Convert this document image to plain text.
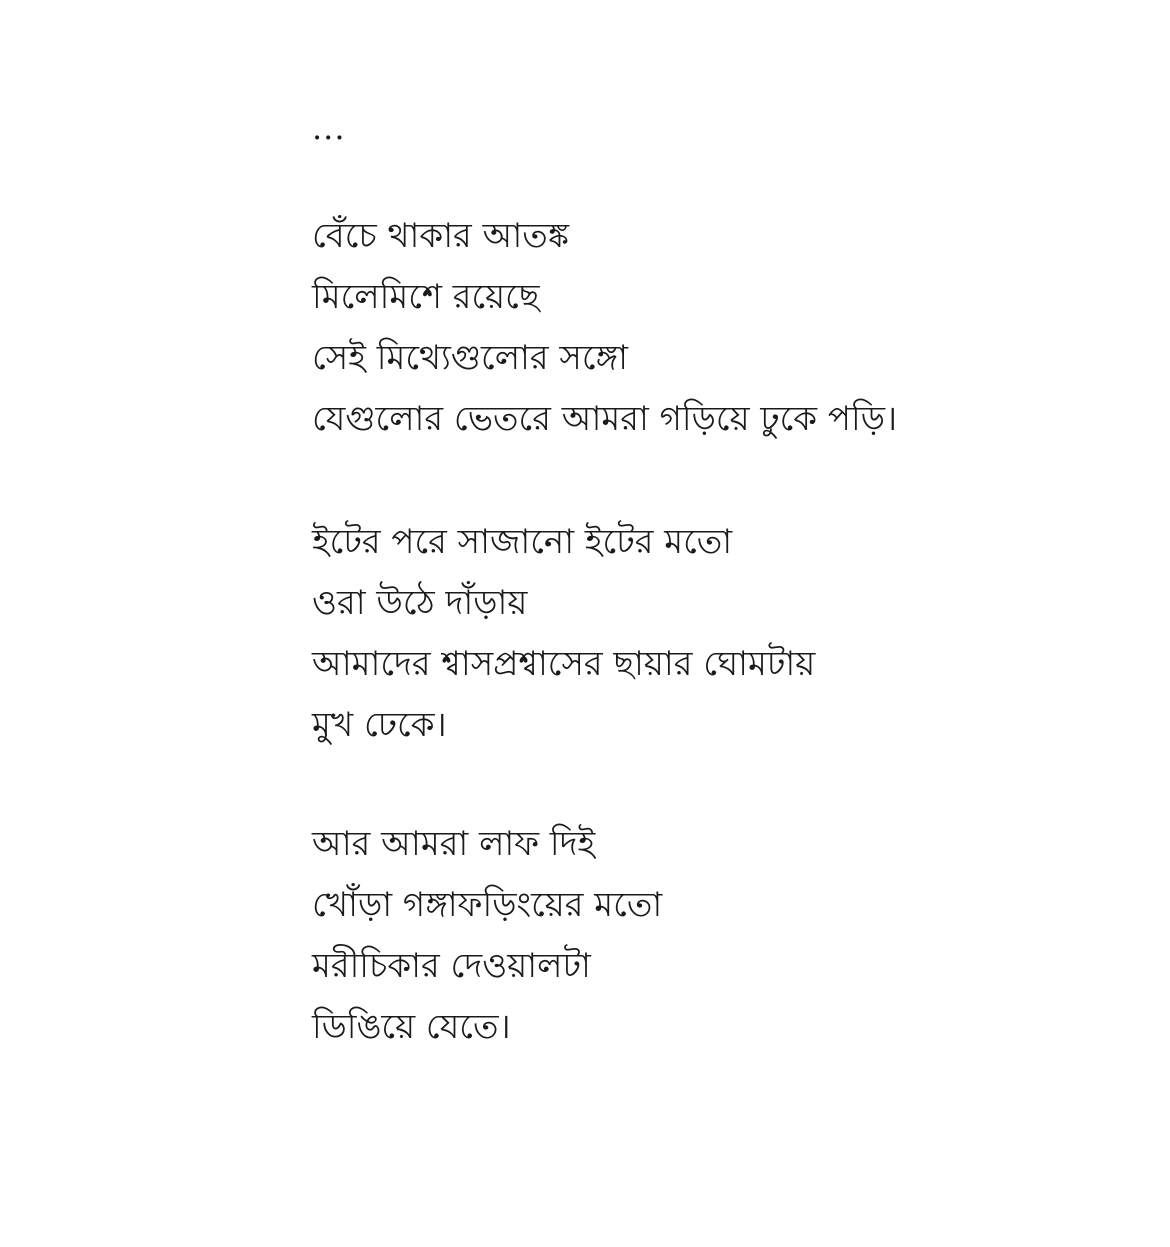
...
বেঁচে থাকার আতঙ্ক
মিলেমিশে রয়েছে
সেই মিথ্যেগুলোর সঙ্গো
যেগুলোর ভেতরে আমরা গড়িয়ে ঢুকে পড়ি।
ইটের পরে সাজানো ইটের মতো
ওরা উঠে দাঁড়ায়
আমাদের শ্বাসপ্রশ্বাসের ছায়ার ঘোমটায়
মুখ ঢেকে।
আর আমরা লাফ দিই
খোঁড়া গঙ্গাফড়িংয়ের মতো
মরীচিকার দেওয়ালটা
ডিঙিয়ে যেতে।
